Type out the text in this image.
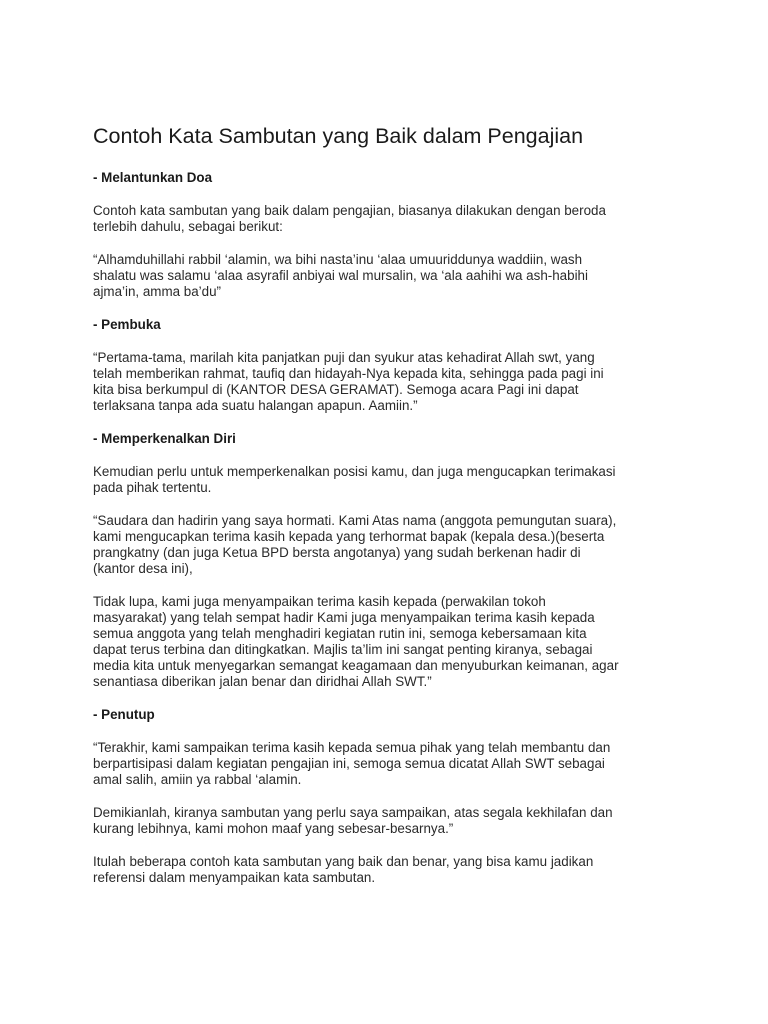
Contoh Kata Sambutan yang Baik dalam Pengajian
- Melantunkan Doa
Contoh kata sambutan yang baik dalam pengajian, biasanya dilakukan dengan beroda
terlebih dahulu, sebagai berikut:
“Alhamduhillahi rabbil ‘alamin, wa bihi nasta’inu ‘alaa umuuriddunya waddiin, wash
shalatu was salamu ‘alaa asyrafil anbiyai wal mursalin, wa ‘ala aahihi wa ash-habihi
ajma’in, amma ba’du”
- Pembuka
“Pertama-tama, marilah kita panjatkan puji dan syukur atas kehadirat Allah swt, yang
telah memberikan rahmat, taufiq dan hidayah-Nya kepada kita, sehingga pada pagi ini
kita bisa berkumpul di (KANTOR DESA GERAMAT). Semoga acara Pagi ini dapat
terlaksana tanpa ada suatu halangan apapun. Aamiin.”
- Memperkenalkan Diri
Kemudian perlu untuk memperkenalkan posisi kamu, dan juga mengucapkan terimakasi
pada pihak tertentu.
“Saudara dan hadirin yang saya hormati. Kami Atas nama (anggota pemungutan suara),
kami mengucapkan terima kasih kepada yang terhormat bapak (kepala desa.)(beserta
prangkatny (dan juga Ketua BPD bersta angotanya) yang sudah berkenan hadir di
(kantor desa ini),
Tidak lupa, kami juga menyampaikan terima kasih kepada (perwakilan tokoh
masyarakat) yang telah sempat hadir Kami juga menyampaikan terima kasih kepada
semua anggota yang telah menghadiri kegiatan rutin ini, semoga kebersamaan kita
dapat terus terbina dan ditingkatkan. Majlis ta’lim ini sangat penting kiranya, sebagai
media kita untuk menyegarkan semangat keagamaan dan menyuburkan keimanan, agar
senantiasa diberikan jalan benar dan diridhai Allah SWT.”
- Penutup
“Terakhir, kami sampaikan terima kasih kepada semua pihak yang telah membantu dan
berpartisipasi dalam kegiatan pengajian ini, semoga semua dicatat Allah SWT sebagai
amal salih, amiin ya rabbal ‘alamin.
Demikianlah, kiranya sambutan yang perlu saya sampaikan, atas segala kekhilafan dan
kurang lebihnya, kami mohon maaf yang sebesar-besarnya.”
Itulah beberapa contoh kata sambutan yang baik dan benar, yang bisa kamu jadikan
referensi dalam menyampaikan kata sambutan.
